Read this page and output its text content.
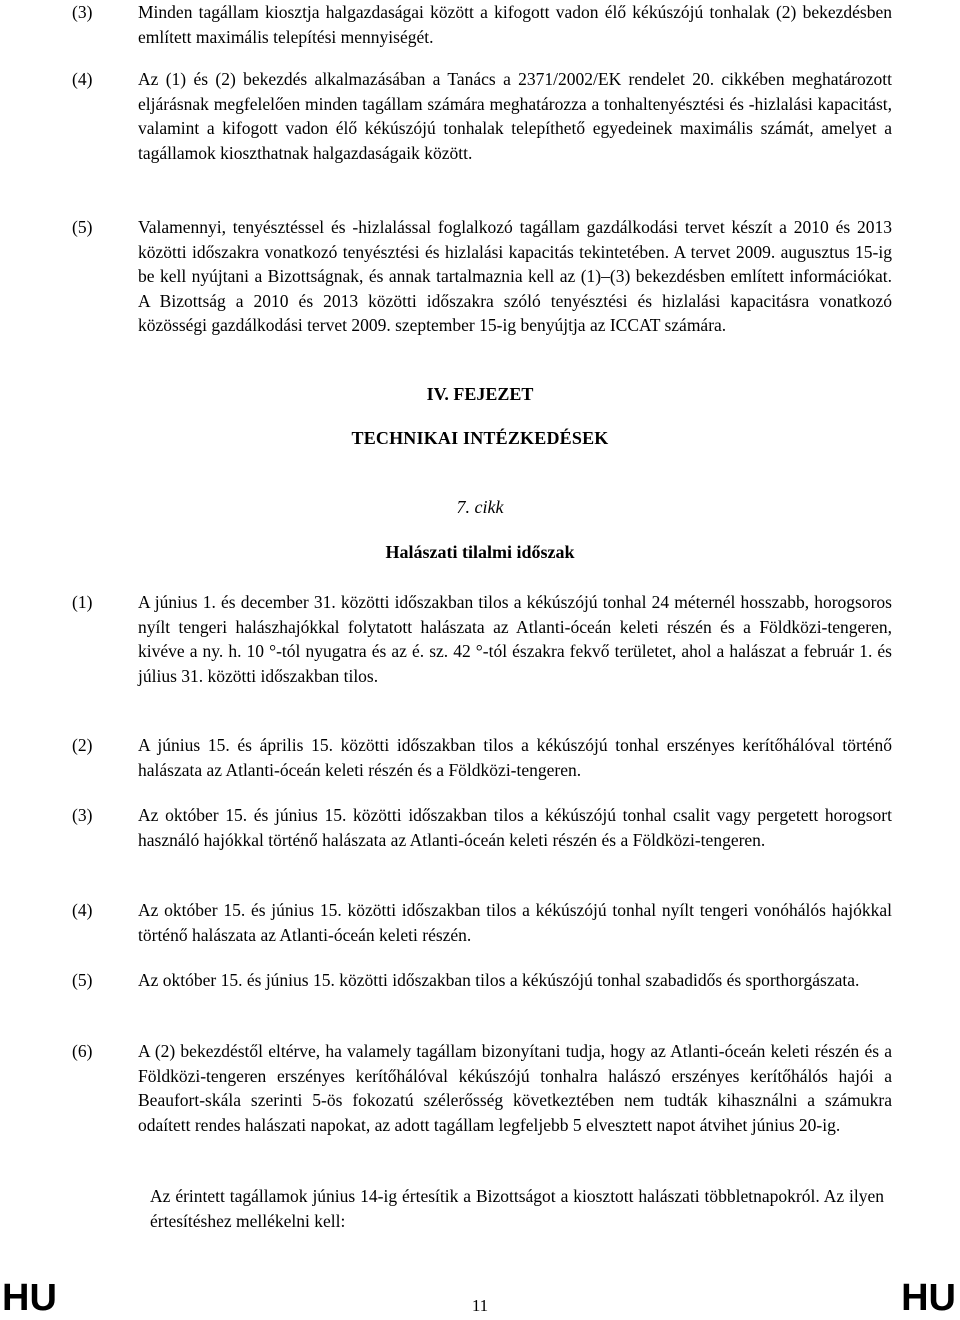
(3)	Minden tagállam kiosztja halgazdaságai között a kifogott vadon élő kékúszójú tonhalak (2) bekezdésben említett maximális telepítési mennyiségét.
(4)	Az (1) és (2) bekezdés alkalmazásában a Tanács a 2371/2002/EK rendelet 20. cikkében meghatározott eljárásnak megfelelően minden tagállam számára meghatározza a tonhaltenyésztési és -hizlalási kapacitást, valamint a kifogott vadon élő kékúszójú tonhalak telepíthető egyedeinek maximális számát, amelyet a tagállamok kioszthatnak halgazdaságaik között.
(5)	Valamennyi, tenyésztéssel és -hizlalással foglalkozó tagállam gazdálkodási tervet készít a 2010 és 2013 közötti időszakra vonatkozó tenyésztési és hizlalási kapacitás tekintetében. A tervet 2009. augusztus 15-ig be kell nyújtani a Bizottságnak, és annak tartalmaznia kell az (1)–(3) bekezdésben említett információkat. A Bizottság a 2010 és 2013 közötti időszakra szóló tenyésztési és hizlalási kapacitásra vonatkozó közösségi gazdálkodási tervet 2009. szeptember 15-ig benyújtja az ICCAT számára.
IV. FEJEZET
TECHNIKAI INTÉZKEDÉSEK
7. cikk
Halászati tilalmi időszak
(1)	A június 1. és december 31. közötti időszakban tilos a kékúszójú tonhal 24 méternél hosszabb, horogsoros nyílt tengeri halászhajókkal folytatott halászata az Atlanti-óceán keleti részén és a Földközi-tengeren, kivéve a ny. h. 10 °-tól nyugatra és az é. sz. 42 °-tól északra fekvő területet, ahol a halászat a február 1. és július 31. közötti időszakban tilos.
(2)	A június 15. és április 15. közötti időszakban tilos a kékúszójú tonhal erszényes kerítőhálóval történő halászata az Atlanti-óceán keleti részén és a Földközi-tengeren.
(3)	Az október 15. és június 15. közötti időszakban tilos a kékúszójú tonhal csalit vagy pergetett horogsort használó hajókkal történő halászata az Atlanti-óceán keleti részén és a Földközi-tengeren.
(4)	Az október 15. és június 15. közötti időszakban tilos a kékúszójú tonhal nyílt tengeri vonóhálós hajókkal történő halászata az Atlanti-óceán keleti részén.
(5)	Az október 15. és június 15. közötti időszakban tilos a kékúszójú tonhal szabadidős és sporthorgászata.
(6)	A (2) bekezdéstől eltérve, ha valamely tagállam bizonyítani tudja, hogy az Atlanti-óceán keleti részén és a Földközi-tengeren erszényes kerítőhálóval kékúszójú tonhalra halászó erszényes kerítőhálós hajói a Beaufort-skála szerinti 5-ös fokozatú szélerősség következtében nem tudták kihasználni a számukra odaített rendes halászati napokat, az adott tagállam legfeljebb 5 elvesztett napot átvihet június 20-ig.
Az érintett tagállamok június 14-ig értesítik a Bizottságot a kiosztott halászati többletnapokról. Az ilyen értesítéshez mellékelni kell:
HU	11	HU
